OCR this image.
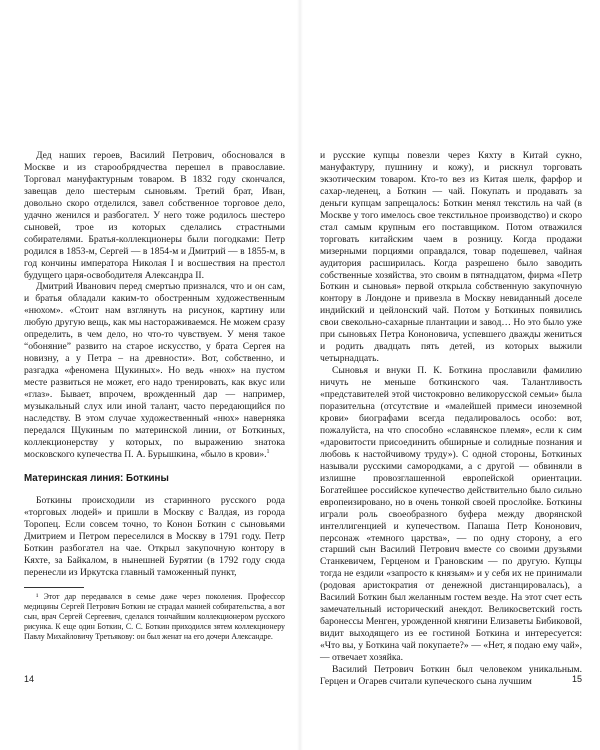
Дед наших героев, Василий Петрович, обосновался в Москве и из старообрядчества перешел в православие. Торговал мануфактурным товаром. В 1832 году скончался, завещав дело шестерым сыновьям. Третий брат, Иван, довольно скоро отделился, завел собственное торговое дело, удачно женился и разбогател. У него тоже родилось шестеро сыновей, трое из которых сделались страстными собирателями. Братья-коллекционеры были погодками: Петр родился в 1853-м, Сергей — в 1854-м и Дмитрий — в 1855-м, в год кончины императора Николая I и восшествия на престол будущего царя-освободителя Александра II.

Дмитрий Иванович перед смертью признался, что и он сам, и братья обладали каким-то обостренным художественным «нюхом». «Стоит нам взглянуть на рисунок, картину или любую другую вещь, как мы настораживаемся. Не можем сразу определить, в чем дело, но что-то чувствуем. У меня такое “обоняние” развито на старое искусство, у брата Сергея на новизну, а у Петра – на древности». Вот, собственно, и разгадка «феномена Щукиных». Но ведь «нюх» на пустом месте развиться не может, его надо тренировать, как вкус или «глаз». Бывает, впрочем, врожденный дар — например, музыкальный слух или иной талант, часто передающийся по наследству. В этом случае художественный «нюх» наверняка передался Щукиным по материнской линии, от Боткиных, коллекционерству у которых, по выражению знатока московского купечества П. А. Бурышкина, «было в крови».$^1$

Материнская линия: Боткины

Боткины происходили из старинного русского рода «торговых людей» и пришли в Москву с Валдая, из города Торопец. Если совсем точно, то Конон Боткин с сыновьями Дмитрием и Петром переселился в Москву в 1791 году. Петр Боткин разбогател на чае. Открыл закупочную контору в Кяхте, за Байкалом, в нынешней Бурятии (в 1792 году сюда перенесли из Иркутска главный таможенный пункт,

¹ Этот дар передавался в семье даже через поколения. Профессор медицины Сергей Петрович Боткин не страдал манией собирательства, а вот сын, врач Сергей Сергеевич, сделался тончайшим коллекционером русского рисунка. К еще один Боткин, С. С. Боткин приходился зятем коллекционеру Павлу Михайловичу Третьякову: он был женат на его дочери Александре.

14

и русские купцы повезли через Кяхту в Китай сукно, мануфактуру, пушнину и кожу), и рискнул торговать экзотическим товаром. Кто-то вез из Китая шелк, фарфор и сахар-леденец, а Боткин — чай. Покупать и продавать за деньги купцам запрещалось: Боткин менял текстиль на чай (в Москве у того имелось свое текстильное производство) и скоро стал самым крупным его поставщиком. Потом отважился торговать китайским чаем в розницу. Когда продажи мизерными порциями оправдался, товар подешевел, чайная аудитория расширилась. Когда разрешено было заводить собственные хозяйства, это своим в пятнадцатом, фирма «Петр Боткин и сыновья» первой открыла собственную закупочную контору в Лондоне и привезла в Москву невиданный доселе индийский и цейлонский чай. Потом у Боткиных появились свои свекольно-сахарные плантации и завод… Но это было уже при сыновьях Петра Кононовича, успевшего дважды жениться и родить двадцать пять детей, из которых выжили четырнадцать.

Сыновья и внуки П. К. Боткина прославили фамилию ничуть не меньше боткинского чая. Талантливость «представителей этой чистокровно великорусской семьи» была поразительна (отсутствие и «малейшей примеси иноземной крови» биографами всегда педалировалось особо: вот, пожалуйста, на что способно «славянское племя», если к сим «даровитости присоединить обширные и солидные познания и любовь к настойчивому труду»). С одной стороны, Боткиных называли русскими самородками, а с другой — обвиняли в излишне провозглашенной европейской ориентации. Богатейшее российское купечество действительно было сильно европеизировано, но в очень тонкой своей прослойке. Боткины играли роль своеобразного буфера между дворянской интеллигенцией и купечеством. Папаша Петр Кононович, персонаж «темного царства», — по одну сторону, а его старший сын Василий Петрович вместе со своими друзьями Станкевичем, Герценом и Грановским — по другую. Купцы тогда не ездили «запросто к князьям» и у себя их не принимали (родовая аристократия от денежной дистанцировалась), а Василий Боткин был желанным гостем везде. На этот счет есть замечательный исторический анекдот. Великосветский гость баронессы Менген, урожденной княгини Елизаветы Бибиковой, видит выходящего из ее гостиной Боткина и интересуется: «Что вы, у Боткина чай покупаете?» — «Нет, я подаю ему чай», — отвечает хозяйка.

Василий Петрович Боткин был человеком уникальным. Герцен и Огарев считали купеческого сына лучшим	15
